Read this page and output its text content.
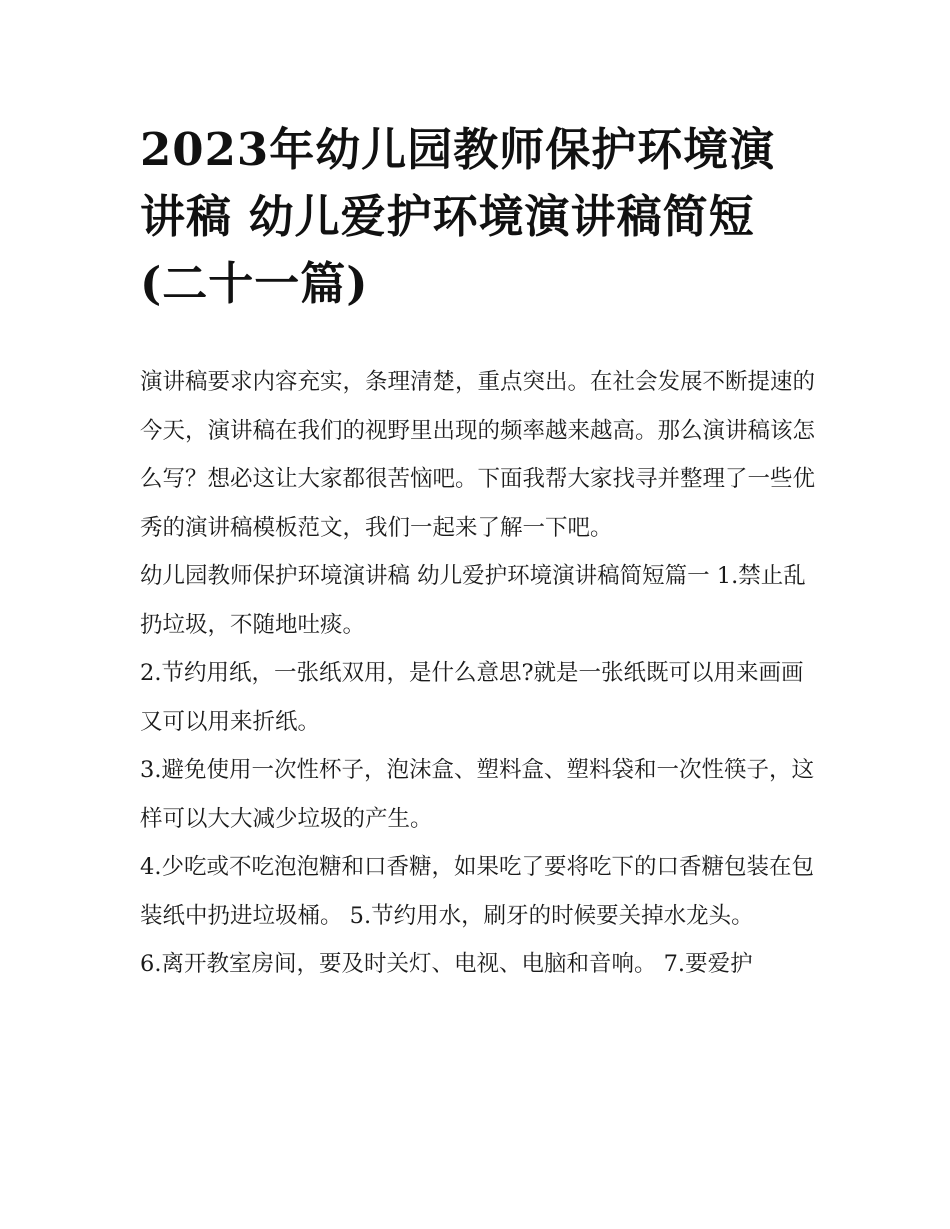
2023年幼儿园教师保护环境演讲稿 幼儿爱护环境演讲稿简短(二十一篇)

演讲稿要求内容充实，条理清楚，重点突出。在社会发展不断提速的今天，演讲稿在我们的视野里出现的频率越来越高。那么演讲稿该怎么写？想必这让大家都很苦恼吧。下面我帮大家找寻并整理了一些优秀的演讲稿模板范文，我们一起来了解一下吧。

幼儿园教师保护环境演讲稿 幼儿爱护环境演讲稿简短篇一 1.禁止乱扔垃圾，不随地吐痰。

2.节约用纸，一张纸双用，是什么意思?就是一张纸既可以用来画画又可以用来折纸。

3.避免使用一次性杯子，泡沫盒、塑料盒、塑料袋和一次性筷子，这样可以大大减少垃圾的产生。

4.少吃或不吃泡泡糖和口香糖，如果吃了要将吃下的口香糖包装在包装纸中扔进垃圾桶。 5.节约用水，刷牙的时候要关掉水龙头。

6.离开教室房间，要及时关灯、电视、电脑和音响。 7.要爱护
